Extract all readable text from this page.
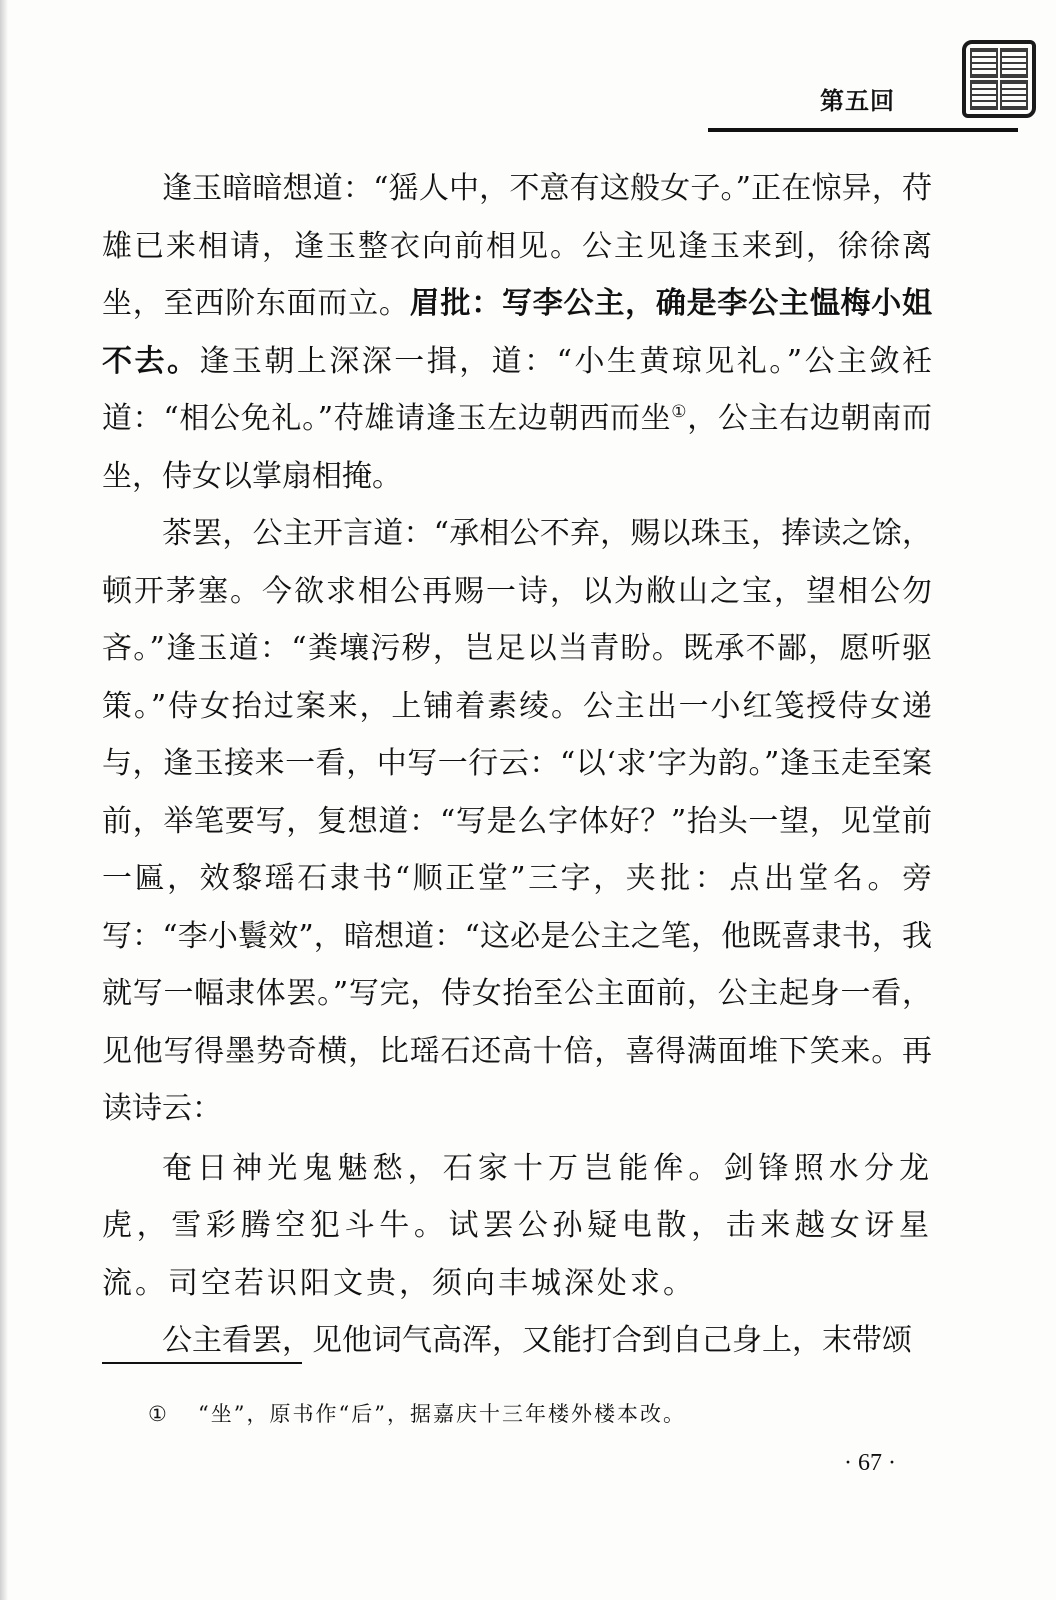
第五回

逢玉暗暗想道：“猺人中，不意有这般女子。”正在惊异，苻雄已来相请，逢玉整衣向前相见。公主见逢玉来到，徐徐离坐，至西阶东面而立。眉批：写李公主，确是李公主愠梅小姐不去。逢玉朝上深深一揖，道：“小生黄琼见礼。”公主敛衽道：“相公免礼。”苻雄请逢玉左边朝西而坐①，公主右边朝南而坐，侍女以掌扇相掩。

茶罢，公主开言道：“承相公不弃，赐以珠玉，捧读之馀，顿开茅塞。今欲求相公再赐一诗，以为敝山之宝，望相公勿吝。”逢玉道：“粪壤污秽，岂足以当青盼。既承不鄙，愿听驱策。”侍女抬过案来，上铺着素绫。公主出一小红笺授侍女递与，逢玉接来一看，中写一行云：“以‘求’字为韵。”逢玉走至案前，举笔要写，复想道：“写是么字体好？”抬头一望，见堂前一匾，效黎瑶石隶书“顺正堂”三字，夹批：点出堂名。旁写：“李小鬟效”，暗想道：“这必是公主之笔，他既喜隶书，我就写一幅隶体罢。”写完，侍女抬至公主面前，公主起身一看，见他写得墨势奇横，比瑶石还高十倍，喜得满面堆下笑来。再读诗云：

奄日神光鬼魅愁，石家十万岂能侔。剑锋照水分龙虎，雪彩腾空犯斗牛。试罢公孙疑电散，击来越女讶星流。司空若识阳文贵，须向丰城深处求。

公主看罢，见他词气高浑，又能打合到自己身上，末带颂

① “坐”，原书作“后”，据嘉庆十三年楼外楼本改。
· 67 ·
